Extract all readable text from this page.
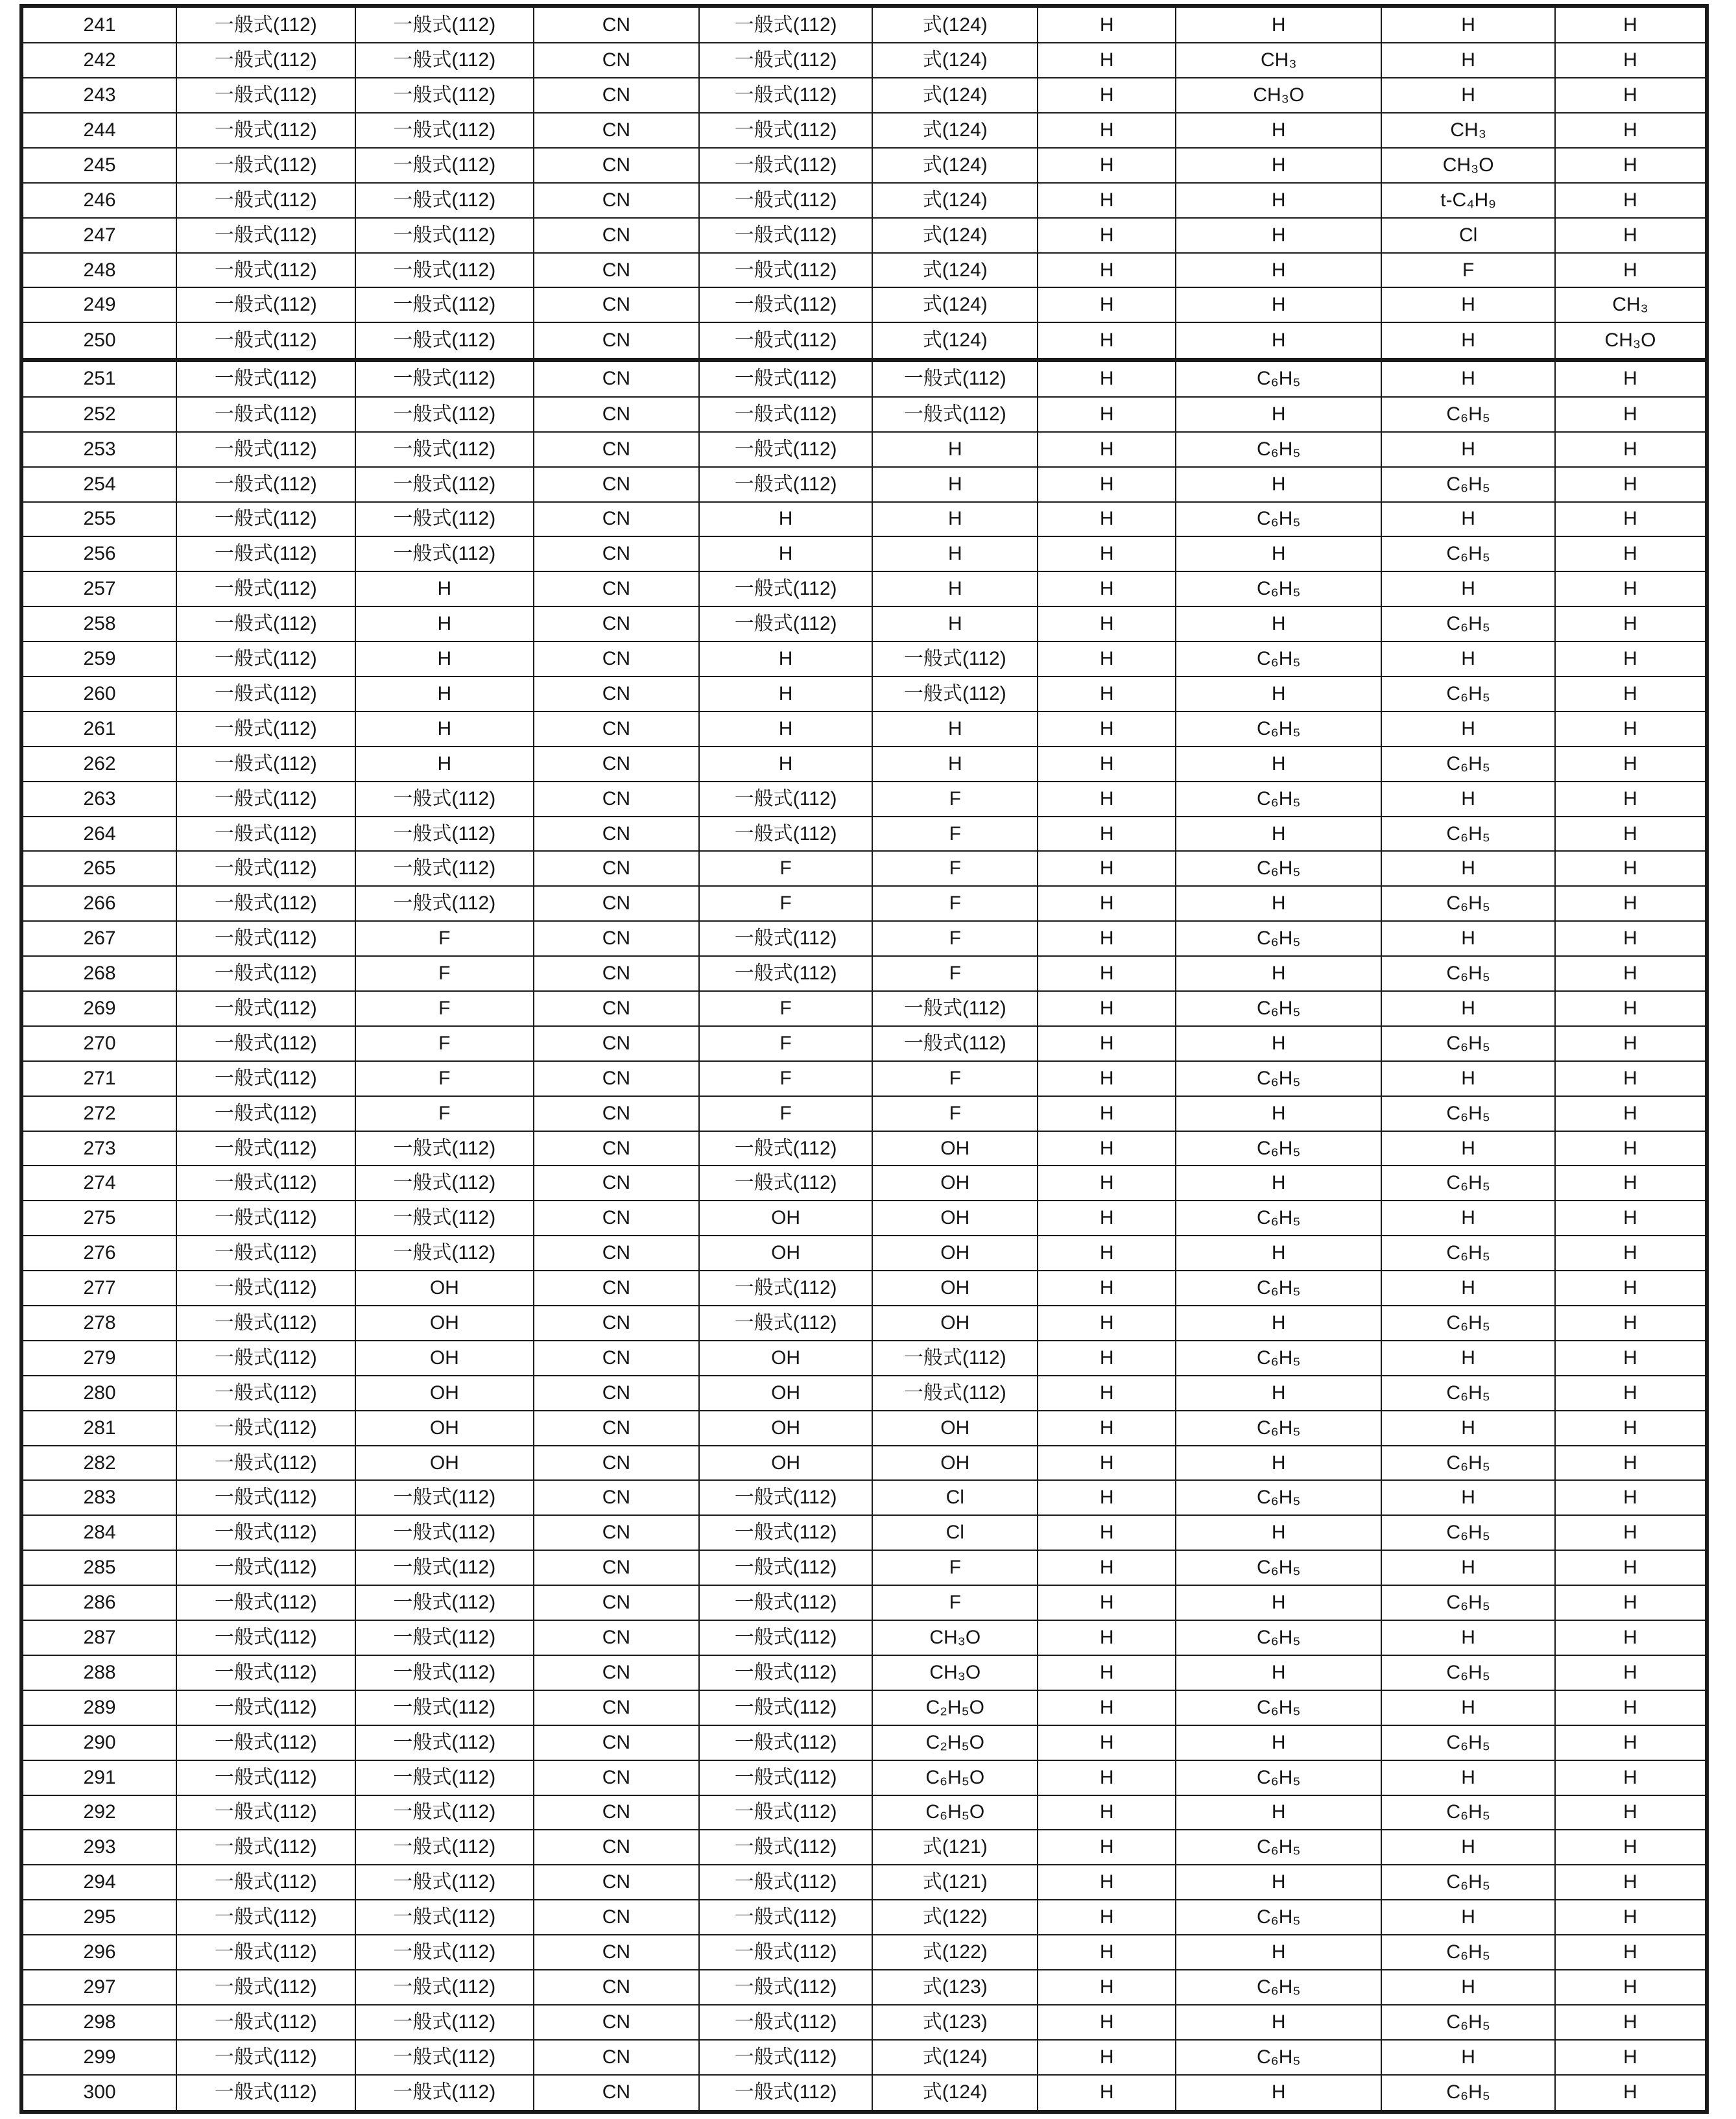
241	一般式(112)	一般式(112)	CN	一般式(112)	式(124)	H	H	H	H
242	一般式(112)	一般式(112)	CN	一般式(112)	式(124)	H	CH₃	H	H
243	一般式(112)	一般式(112)	CN	一般式(112)	式(124)	H	CH₃O	H	H
244	一般式(112)	一般式(112)	CN	一般式(112)	式(124)	H	H	CH₃	H
245	一般式(112)	一般式(112)	CN	一般式(112)	式(124)	H	H	CH₃O	H
246	一般式(112)	一般式(112)	CN	一般式(112)	式(124)	H	H	t-C₄H₉	H
247	一般式(112)	一般式(112)	CN	一般式(112)	式(124)	H	H	Cl	H
248	一般式(112)	一般式(112)	CN	一般式(112)	式(124)	H	H	F	H
249	一般式(112)	一般式(112)	CN	一般式(112)	式(124)	H	H	H	CH₃
250	一般式(112)	一般式(112)	CN	一般式(112)	式(124)	H	H	H	CH₃O
251	一般式(112)	一般式(112)	CN	一般式(112)	一般式(112)	H	C₆H₅	H	H
252	一般式(112)	一般式(112)	CN	一般式(112)	一般式(112)	H	H	C₆H₅	H
253	一般式(112)	一般式(112)	CN	一般式(112)	H	H	C₆H₅	H	H
254	一般式(112)	一般式(112)	CN	一般式(112)	H	H	H	C₆H₅	H
255	一般式(112)	一般式(112)	CN	H	H	H	C₆H₅	H	H
256	一般式(112)	一般式(112)	CN	H	H	H	H	C₆H₅	H
257	一般式(112)	H	CN	一般式(112)	H	H	C₆H₅	H	H
258	一般式(112)	H	CN	一般式(112)	H	H	H	C₆H₅	H
259	一般式(112)	H	CN	H	一般式(112)	H	C₆H₅	H	H
260	一般式(112)	H	CN	H	一般式(112)	H	H	C₆H₅	H
261	一般式(112)	H	CN	H	H	H	C₆H₅	H	H
262	一般式(112)	H	CN	H	H	H	H	C₆H₅	H
263	一般式(112)	一般式(112)	CN	一般式(112)	F	H	C₆H₅	H	H
264	一般式(112)	一般式(112)	CN	一般式(112)	F	H	H	C₆H₅	H
265	一般式(112)	一般式(112)	CN	F	F	H	C₆H₅	H	H
266	一般式(112)	一般式(112)	CN	F	F	H	H	C₆H₅	H
267	一般式(112)	F	CN	一般式(112)	F	H	C₆H₅	H	H
268	一般式(112)	F	CN	一般式(112)	F	H	H	C₆H₅	H
269	一般式(112)	F	CN	F	一般式(112)	H	C₆H₅	H	H
270	一般式(112)	F	CN	F	一般式(112)	H	H	C₆H₅	H
271	一般式(112)	F	CN	F	F	H	C₆H₅	H	H
272	一般式(112)	F	CN	F	F	H	H	C₆H₅	H
273	一般式(112)	一般式(112)	CN	一般式(112)	OH	H	C₆H₅	H	H
274	一般式(112)	一般式(112)	CN	一般式(112)	OH	H	H	C₆H₅	H
275	一般式(112)	一般式(112)	CN	OH	OH	H	C₆H₅	H	H
276	一般式(112)	一般式(112)	CN	OH	OH	H	H	C₆H₅	H
277	一般式(112)	OH	CN	一般式(112)	OH	H	C₆H₅	H	H
278	一般式(112)	OH	CN	一般式(112)	OH	H	H	C₆H₅	H
279	一般式(112)	OH	CN	OH	一般式(112)	H	C₆H₅	H	H
280	一般式(112)	OH	CN	OH	一般式(112)	H	H	C₆H₅	H
281	一般式(112)	OH	CN	OH	OH	H	C₆H₅	H	H
282	一般式(112)	OH	CN	OH	OH	H	H	C₆H₅	H
283	一般式(112)	一般式(112)	CN	一般式(112)	Cl	H	C₆H₅	H	H
284	一般式(112)	一般式(112)	CN	一般式(112)	Cl	H	H	C₆H₅	H
285	一般式(112)	一般式(112)	CN	一般式(112)	F	H	C₆H₅	H	H
286	一般式(112)	一般式(112)	CN	一般式(112)	F	H	H	C₆H₅	H
287	一般式(112)	一般式(112)	CN	一般式(112)	CH₃O	H	C₆H₅	H	H
288	一般式(112)	一般式(112)	CN	一般式(112)	CH₃O	H	H	C₆H₅	H
289	一般式(112)	一般式(112)	CN	一般式(112)	C₂H₅O	H	C₆H₅	H	H
290	一般式(112)	一般式(112)	CN	一般式(112)	C₂H₅O	H	H	C₆H₅	H
291	一般式(112)	一般式(112)	CN	一般式(112)	C₆H₅O	H	C₆H₅	H	H
292	一般式(112)	一般式(112)	CN	一般式(112)	C₆H₅O	H	H	C₆H₅	H
293	一般式(112)	一般式(112)	CN	一般式(112)	式(121)	H	C₆H₅	H	H
294	一般式(112)	一般式(112)	CN	一般式(112)	式(121)	H	H	C₆H₅	H
295	一般式(112)	一般式(112)	CN	一般式(112)	式(122)	H	C₆H₅	H	H
296	一般式(112)	一般式(112)	CN	一般式(112)	式(122)	H	H	C₆H₅	H
297	一般式(112)	一般式(112)	CN	一般式(112)	式(123)	H	C₆H₅	H	H
298	一般式(112)	一般式(112)	CN	一般式(112)	式(123)	H	H	C₆H₅	H
299	一般式(112)	一般式(112)	CN	一般式(112)	式(124)	H	C₆H₅	H	H
300	一般式(112)	一般式(112)	CN	一般式(112)	式(124)	H	H	C₆H₅	H
